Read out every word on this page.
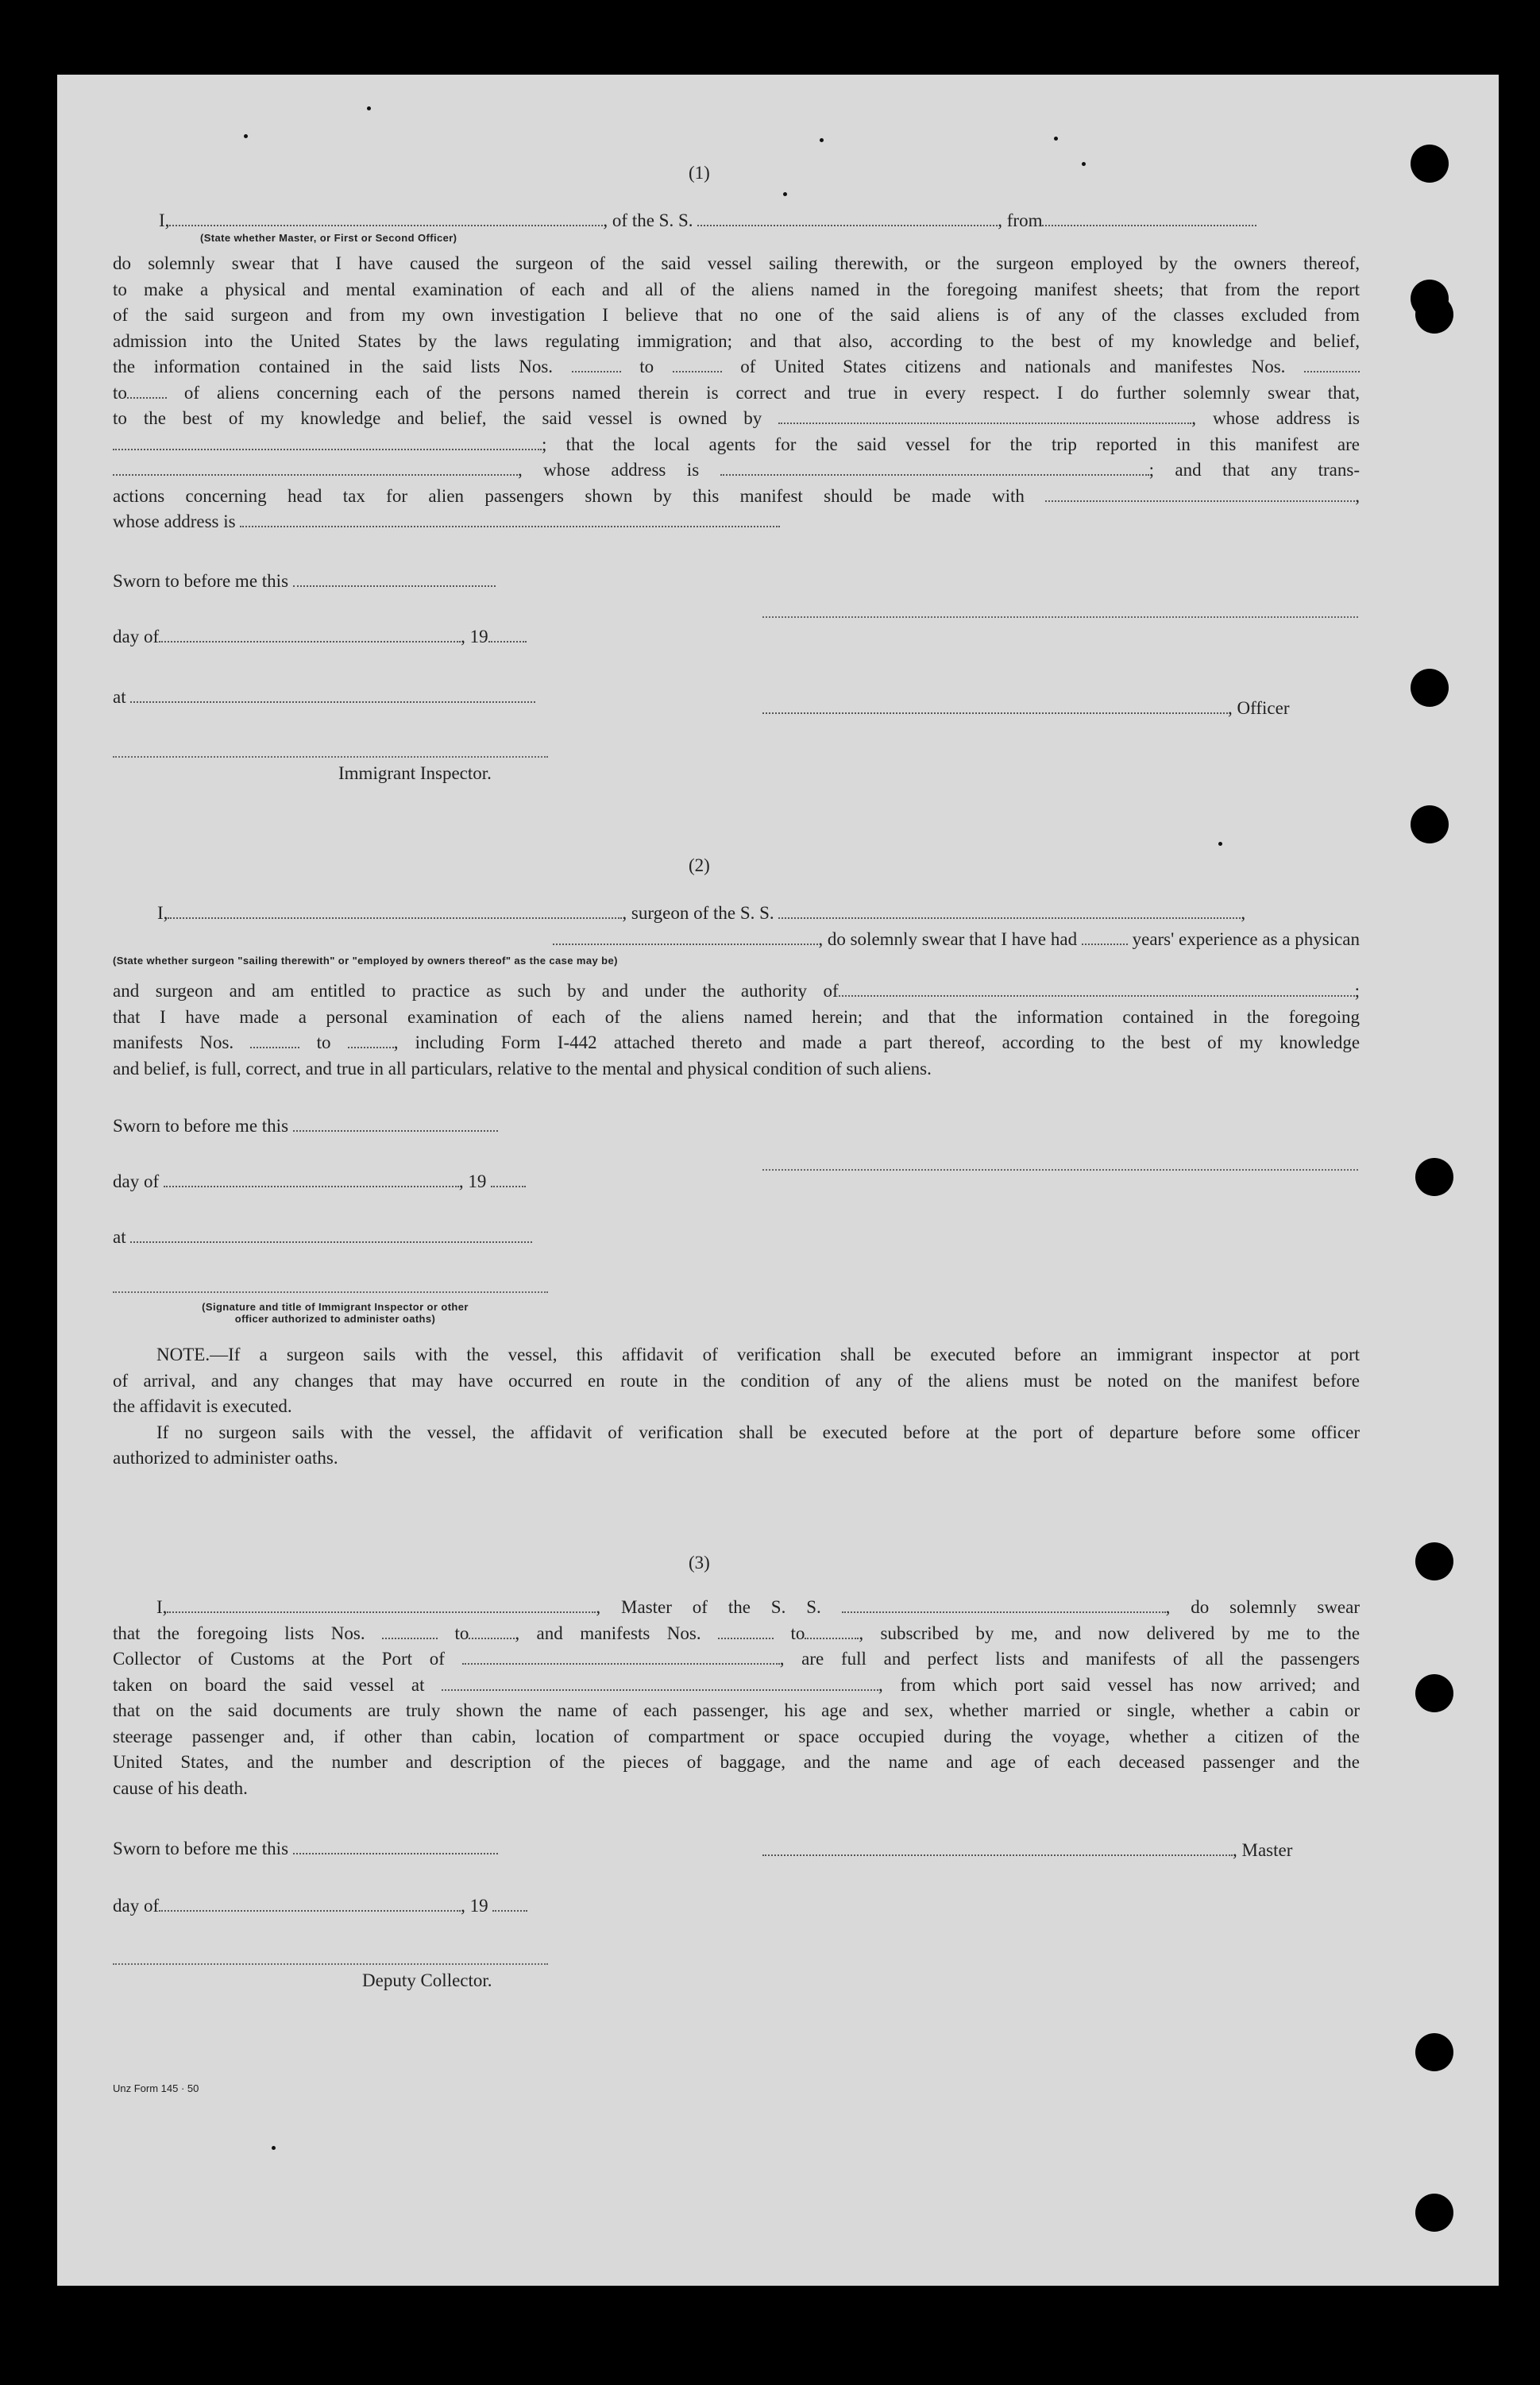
(1)
I,	, of the S. S.	, from
(State whether Master, or First or Second Officer)
do solemnly swear that I have caused the surgeon of the said vessel sailing therewith, or the surgeon employed by the owners thereof,
to make a physical and mental examination of each and all of the aliens named in the foregoing manifest sheets; that from the report
of the said surgeon and from my own investigation I believe that no one of the said aliens is of any of the classes excluded from
admission into the United States by the laws regulating immigration; and that also, according to the best of my knowledge and belief,
the information contained in the said lists Nos.	to	of United States citizens and nationals and manifestes Nos.
to	of aliens concerning each of the persons named therein is correct and true in every respect. I do further solemnly swear that,
to the best of my knowledge and belief, the said vessel is owned by	, whose address is
; that the local agents for the said vessel for the trip reported in this manifest are
, whose address is	; and that any trans-
actions concerning head tax for alien passengers shown by this manifest should be made with	,
whose address is
Sworn to before me this
day of	, 19
at
, Officer
Immigrant Inspector.
(2)
I,	, surgeon of the S. S.	,
, do solemnly swear that I have had	years' experience as a physican
(State whether surgeon "sailing therewith" or "employed by owners thereof" as the case may be)
and surgeon and am entitled to practice as such by and under the authority of	;
that I have made a personal examination of each of the aliens named herein; and that the information contained in the foregoing
manifests Nos.	to	, including Form I-442 attached thereto and made a part thereof, according to the best of my knowledge
and belief, is full, correct, and true in all particulars, relative to the mental and physical condition of such aliens.
Sworn to before me this
day of	, 19
at
(Signature and title of Immigrant Inspector or other
officer authorized to administer oaths)
NOTE.—If a surgeon sails with the vessel, this affidavit of verification shall be executed before an immigrant inspector at port
of arrival, and any changes that may have occurred en route in the condition of any of the aliens must be noted on the manifest before
the affidavit is executed.
If no surgeon sails with the vessel, the affidavit of verification shall be executed before at the port of departure before some officer
authorized to administer oaths.
(3)
I,	, Master of the S. S.	, do solemnly swear
that the foregoing lists Nos.	to	, and manifests Nos.	to	, subscribed by me, and now delivered by me to the
Collector of Customs at the Port of	, are full and perfect lists and manifests of all the passengers
taken on board the said vessel at	, from which port said vessel has now arrived; and
that on the said documents are truly shown the name of each passenger, his age and sex, whether married or single, whether a cabin or
steerage passenger and, if other than cabin, location of compartment or space occupied during the voyage, whether a citizen of the
United States, and the number and description of the pieces of baggage, and the name and age of each deceased passenger and the
cause of his death.
Sworn to before me this	, Master
day of	, 19
Deputy Collector.
Unz Form 145 · 50
